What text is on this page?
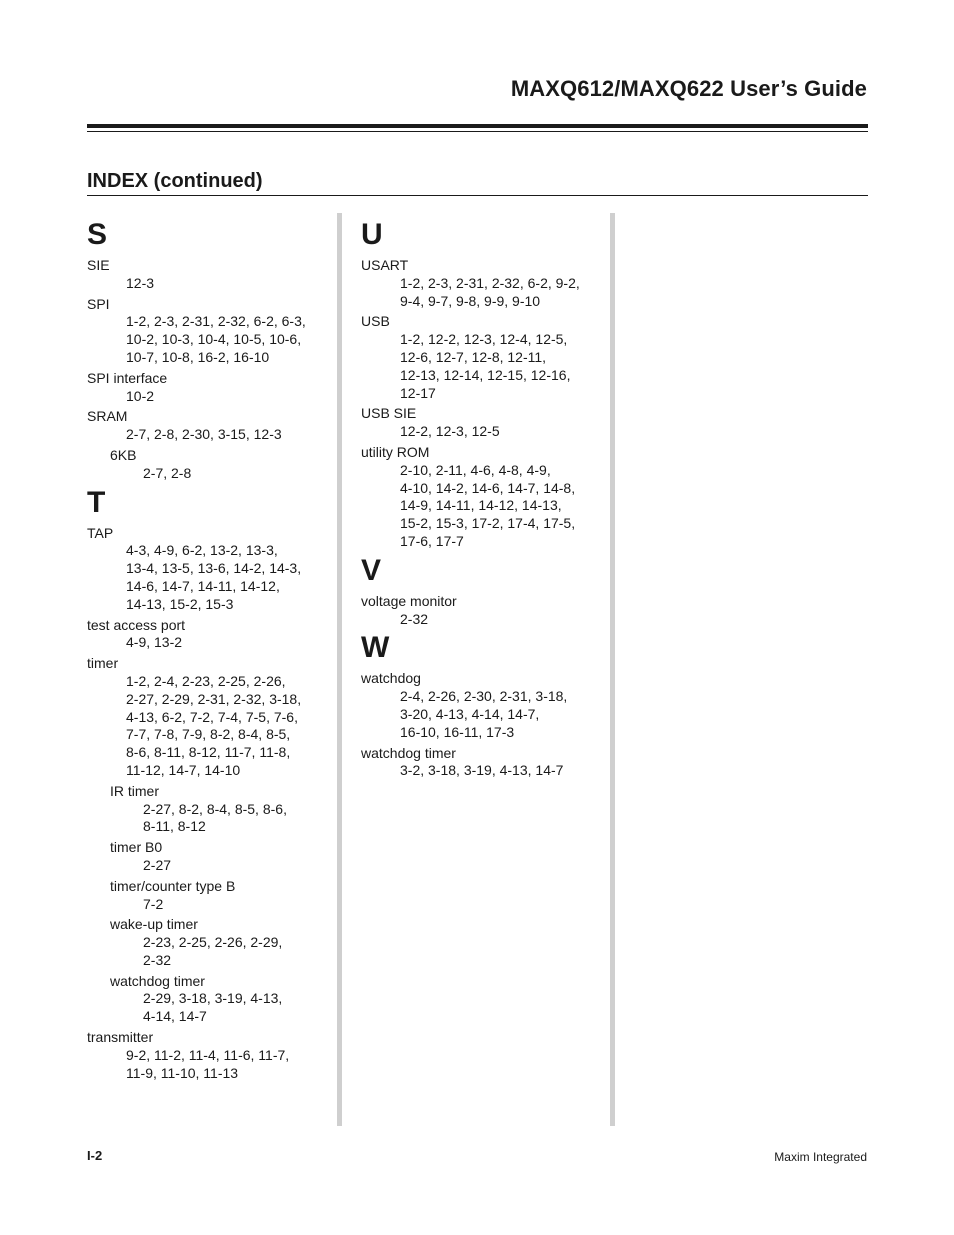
MAXQ612/MAXQ622 User’s Guide
INDEX (continued)
S
SIE
12-3
SPI
1-2, 2-3, 2-31, 2-32, 6-2, 6-3,
10-2, 10-3, 10-4, 10-5, 10-6,
10-7, 10-8, 16-2, 16-10
SPI interface
10-2
SRAM
2-7, 2-8, 2-30, 3-15, 12-3
6KB
2-7, 2-8
T
TAP
4-3, 4-9, 6-2, 13-2, 13-3,
13-4, 13-5, 13-6, 14-2, 14-3,
14-6, 14-7, 14-11, 14-12,
14-13, 15-2, 15-3
test access port
4-9, 13-2
timer
1-2, 2-4, 2-23, 2-25, 2-26,
2-27, 2-29, 2-31, 2-32, 3-18,
4-13, 6-2, 7-2, 7-4, 7-5, 7-6,
7-7, 7-8, 7-9, 8-2, 8-4, 8-5,
8-6, 8-11, 8-12, 11-7, 11-8,
11-12, 14-7, 14-10
IR timer
2-27, 8-2, 8-4, 8-5, 8-6,
8-11, 8-12
timer B0
2-27
timer/counter type B
7-2
wake-up timer
2-23, 2-25, 2-26, 2-29,
2-32
watchdog timer
2-29, 3-18, 3-19, 4-13,
4-14, 14-7
transmitter
9-2, 11-2, 11-4, 11-6, 11-7,
11-9, 11-10, 11-13
U
USART
1-2, 2-3, 2-31, 2-32, 6-2, 9-2,
9-4, 9-7, 9-8, 9-9, 9-10
USB
1-2, 12-2, 12-3, 12-4, 12-5,
12-6, 12-7, 12-8, 12-11,
12-13, 12-14, 12-15, 12-16,
12-17
USB SIE
12-2, 12-3, 12-5
utility ROM
2-10, 2-11, 4-6, 4-8, 4-9,
4-10, 14-2, 14-6, 14-7, 14-8,
14-9, 14-11, 14-12, 14-13,
15-2, 15-3, 17-2, 17-4, 17-5,
17-6, 17-7
V
voltage monitor
2-32
W
watchdog
2-4, 2-26, 2-30, 2-31, 3-18,
3-20, 4-13, 4-14, 14-7,
16-10, 16-11, 17-3
watchdog timer
3-2, 3-18, 3-19, 4-13, 14-7
I-2	Maxim Integrated
